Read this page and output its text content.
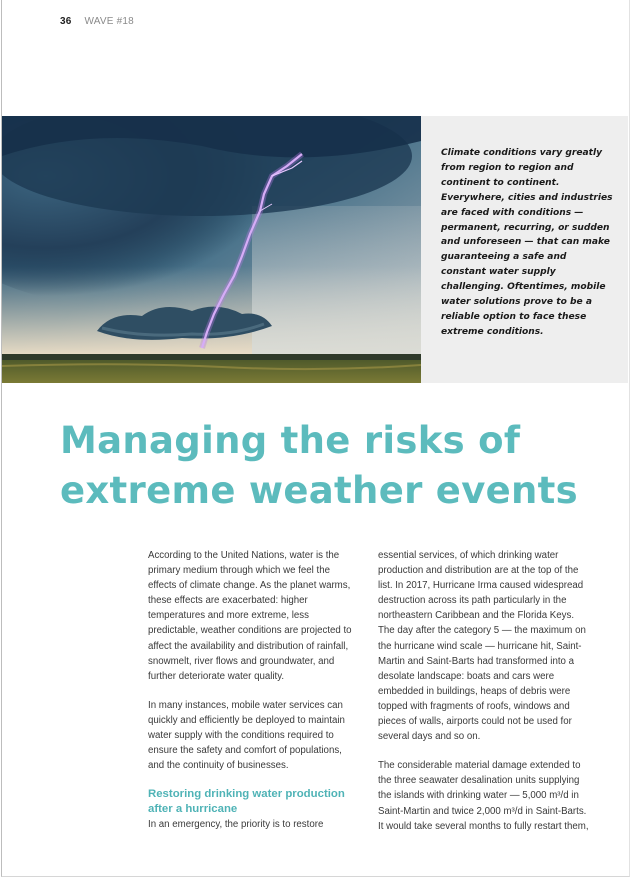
36 WAVE #18

Climate conditions vary greatly from region to region and continent to continent. Everywhere, cities and industries are faced with conditions — permanent, recurring, or sudden and unforeseen — that can make guaranteeing a safe and constant water supply challenging. Oftentimes, mobile water solutions prove to be a reliable option to face these extreme conditions.

Managing the risks of extreme weather events

According to the United Nations, water is the primary medium through which we feel the effects of climate change. As the planet warms, these effects are exacerbated: higher temperatures and more extreme, less predictable, weather conditions are projected to affect the availability and distribution of rainfall, snowmelt, river flows and groundwater, and further deteriorate water quality.

In many instances, mobile water services can quickly and efficiently be deployed to maintain water supply with the conditions required to ensure the safety and comfort of populations, and the continuity of businesses.

Restoring drinking water production after a hurricane

In an emergency, the priority is to restore

essential services, of which drinking water production and distribution are at the top of the list. In 2017, Hurricane Irma caused widespread destruction across its path particularly in the northeastern Caribbean and the Florida Keys. The day after the category 5 — the maximum on the hurricane wind scale — hurricane hit, Saint-Martin and Saint-Barts had transformed into a desolate landscape: boats and cars were embedded in buildings, heaps of debris were topped with fragments of roofs, windows and pieces of walls, airports could not be used for several days and so on.

The considerable material damage extended to the three seawater desalination units supplying the islands with drinking water — 5,000 m³/d in Saint-Martin and twice 2,000 m³/d in Saint-Barts. It would take several months to fully restart them,
